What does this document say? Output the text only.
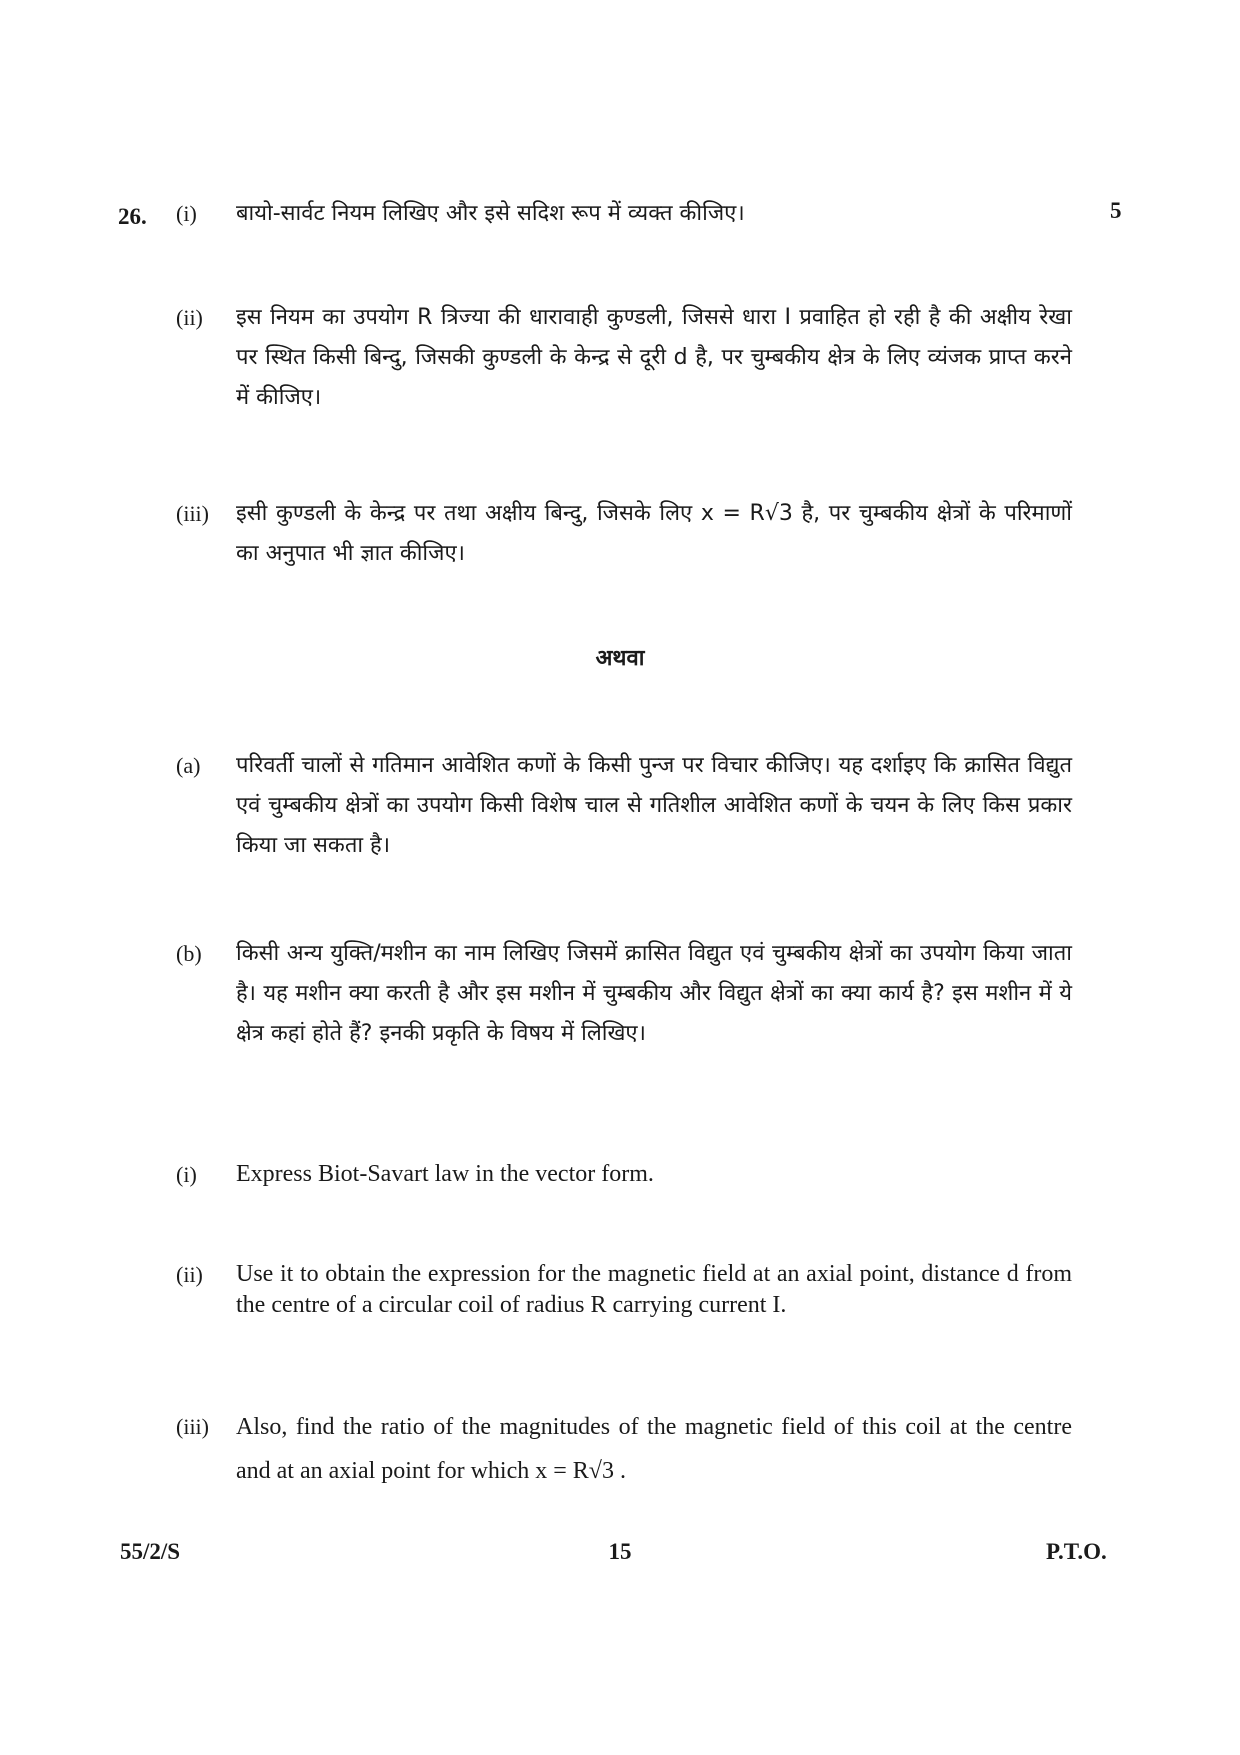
26.	5
(i)	बायो-सार्वट नियम लिखिए और इसे सदिश रूप में व्यक्त कीजिए।
(ii)	इस नियम का उपयोग R त्रिज्या की धारावाही कुण्डली, जिससे धारा I प्रवाहित हो रही है की अक्षीय रेखा पर स्थित किसी बिन्दु, जिसकी कुण्डली के केन्द्र से दूरी d है, पर चुम्बकीय क्षेत्र के लिए व्यंजक प्राप्त करने में कीजिए।
(iii)	इसी कुण्डली के केन्द्र पर तथा अक्षीय बिन्दु, जिसके लिए x = R√3 है, पर चुम्बकीय क्षेत्रों के परिमाणों का अनुपात भी ज्ञात कीजिए।
अथवा
(a)	परिवर्ती चालों से गतिमान आवेशित कणों के किसी पुन्ज पर विचार कीजिए। यह दर्शाइए कि क्रासित विद्युत एवं चुम्बकीय क्षेत्रों का उपयोग किसी विशेष चाल से गतिशील आवेशित कणों के चयन के लिए किस प्रकार किया जा सकता है।
(b)	किसी अन्य युक्ति/मशीन का नाम लिखिए जिसमें क्रासित विद्युत एवं चुम्बकीय क्षेत्रों का उपयोग किया जाता है। यह मशीन क्या करती है और इस मशीन में चुम्बकीय और विद्युत क्षेत्रों का क्या कार्य है? इस मशीन में ये क्षेत्र कहां होते हैं? इनकी प्रकृति के विषय में लिखिए।
(i)	Express Biot-Savart law in the vector form.
(ii)	Use it to obtain the expression for the magnetic field at an axial point, distance d from the centre of a circular coil of radius R carrying current I.
(iii)	Also, find the ratio of the magnitudes of the magnetic field of this coil at the centre and at an axial point for which x = R√3 .
55/2/S	15	P.T.O.
